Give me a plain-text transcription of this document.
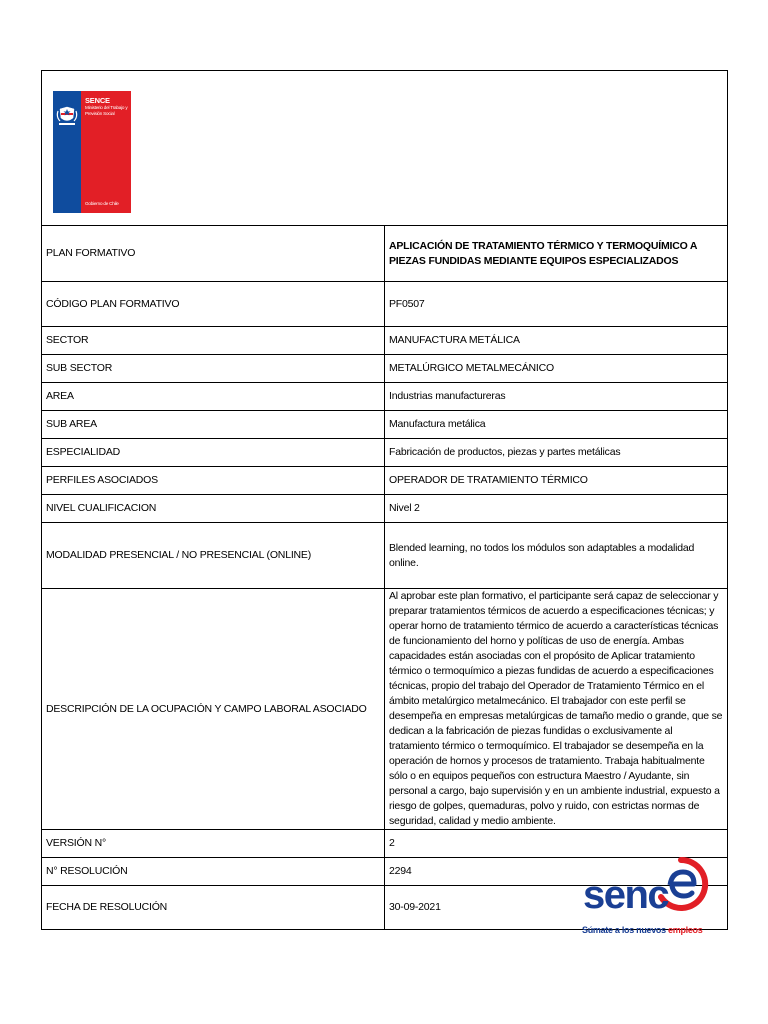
SENCE
Ministerio del Trabajo y Previsión Social
Gobierno de Chile	

PLAN FORMATIVO	APLICACIÓN DE TRATAMIENTO TÉRMICO Y TERMOQUÍMICO A PIEZAS FUNDIDAS MEDIANTE EQUIPOS ESPECIALIZADOS
CÓDIGO PLAN FORMATIVO	PF0507
SECTOR	MANUFACTURA METÁLICA
SUB SECTOR	METALÚRGICO METALMECÁNICO
AREA	Industrias manufactureras
SUB AREA	Manufactura metálica
ESPECIALIDAD	Fabricación de productos, piezas y partes metálicas
PERFILES ASOCIADOS	OPERADOR DE TRATAMIENTO TÉRMICO
NIVEL CUALIFICACION	Nivel 2
MODALIDAD PRESENCIAL / NO PRESENCIAL (ONLINE)	Blended learning, no todos los módulos son adaptables a modalidad online.
DESCRIPCIÓN DE LA OCUPACIÓN Y CAMPO LABORAL ASOCIADO	Al aprobar este plan formativo, el participante será capaz de seleccionar y preparar tratamientos térmicos de acuerdo a especificaciones técnicas; y operar horno de tratamiento térmico de acuerdo a características técnicas de funcionamiento del horno y políticas de uso de energía. Ambas capacidades están asociadas con el propósito de Aplicar tratamiento térmico o termoquímico a piezas fundidas de acuerdo a especificaciones técnicas, propio del trabajo del Operador de Tratamiento Térmico en el ámbito metalúrgico metalmecánico. El trabajador con este perfil se desempeña en empresas metalúrgicas de tamaño medio o grande, que se dedican a la fabricación de piezas fundidas o exclusivamente al tratamiento térmico o termoquímico. El trabajador se desempeña en la operación de hornos y procesos de tratamiento. Trabaja habitualmente sólo o en equipos pequeños con estructura Maestro / Ayudante, sin personal a cargo, bajo supervisión y en un ambiente industrial, expuesto a riesgo de golpes, quemaduras, polvo y ruido, con estrictas normas de seguridad, calidad y medio ambiente.
VERSIÓN N°	2
N° RESOLUCIÓN	2294
FECHA DE RESOLUCIÓN	30-09-2021	senc
Súmate a los nuevos empleos
